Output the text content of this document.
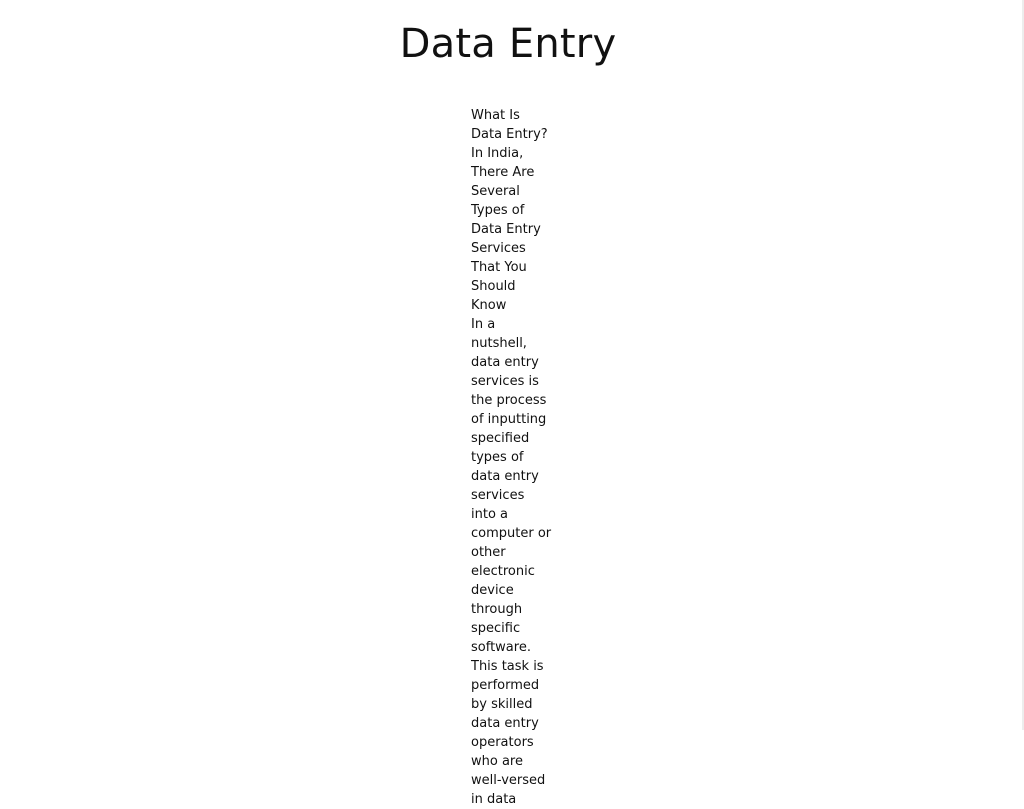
Data Entry

What Is Data Entry? In India, There Are Several Types of Data Entry Services That You Should Know

In a nutshell, data entry services is the process of inputting specified types of data entry services into a computer or other electronic device through specific software. This task is performed by skilled data entry operators who are well-versed in data
